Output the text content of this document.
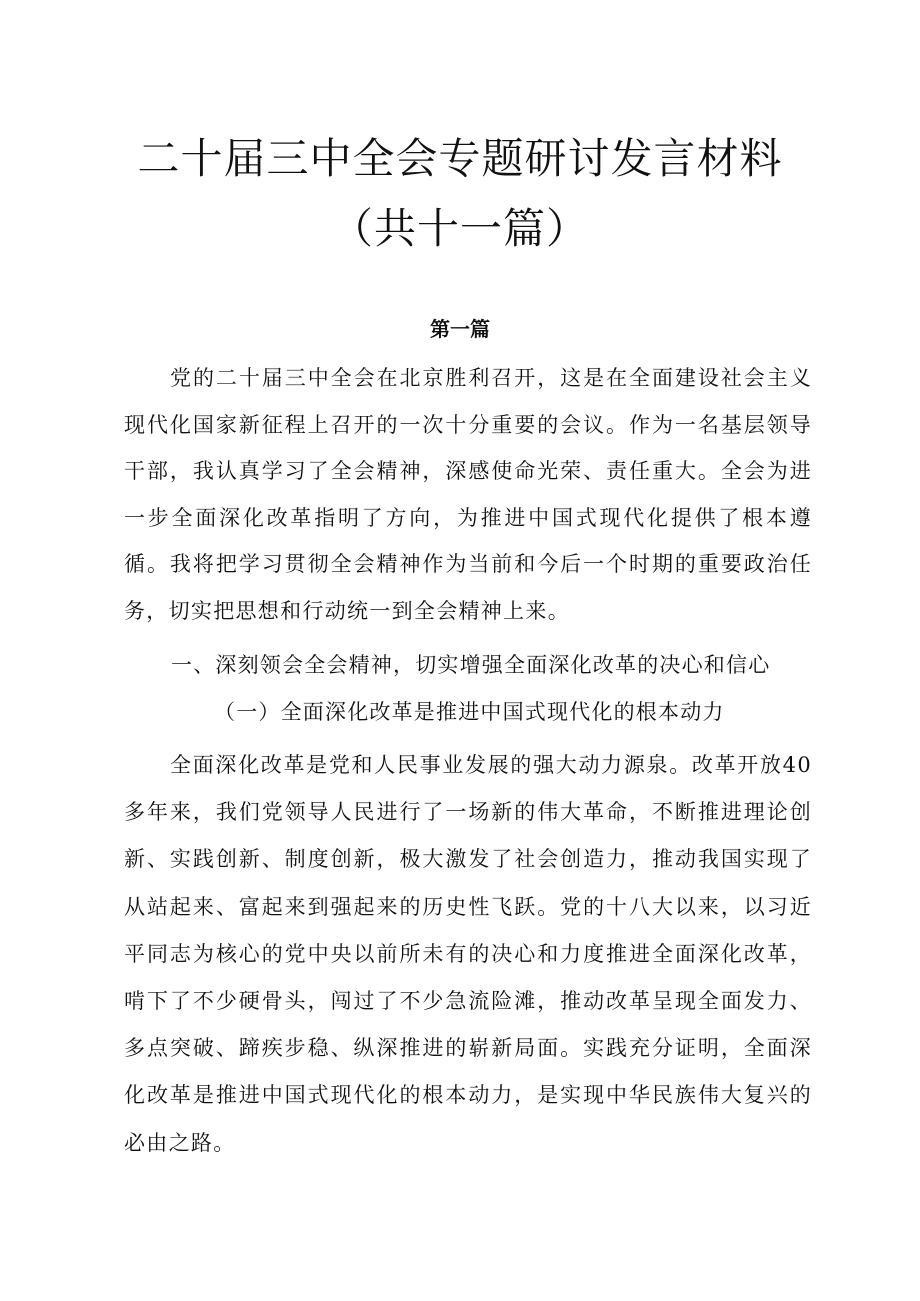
二十届三中全会专题研讨发言材料
（共十一篇）
第一篇

党的二十届三中全会在北京胜利召开，这是在全面建设社会主义现代化国家新征程上召开的一次十分重要的会议。作为一名基层领导干部，我认真学习了全会精神，深感使命光荣、责任重大。全会为进一步全面深化改革指明了方向，为推进中国式现代化提供了根本遵循。我将把学习贯彻全会精神作为当前和今后一个时期的重要政治任务，切实把思想和行动统一到全会精神上来。

一、深刻领会全会精神，切实增强全面深化改革的决心和信心

（一）全面深化改革是推进中国式现代化的根本动力

全面深化改革是党和人民事业发展的强大动力源泉。改革开放40多年来，我们党领导人民进行了一场新的伟大革命，不断推进理论创新、实践创新、制度创新，极大激发了社会创造力，推动我国实现了从站起来、富起来到强起来的历史性飞跃。党的十八大以来，以习近平同志为核心的党中央以前所未有的决心和力度推进全面深化改革，啃下了不少硬骨头，闯过了不少急流险滩，推动改革呈现全面发力、多点突破、蹄疾步稳、纵深推进的崭新局面。实践充分证明，全面深化改革是推进中国式现代化的根本动力，是实现中华民族伟大复兴的必由之路。
